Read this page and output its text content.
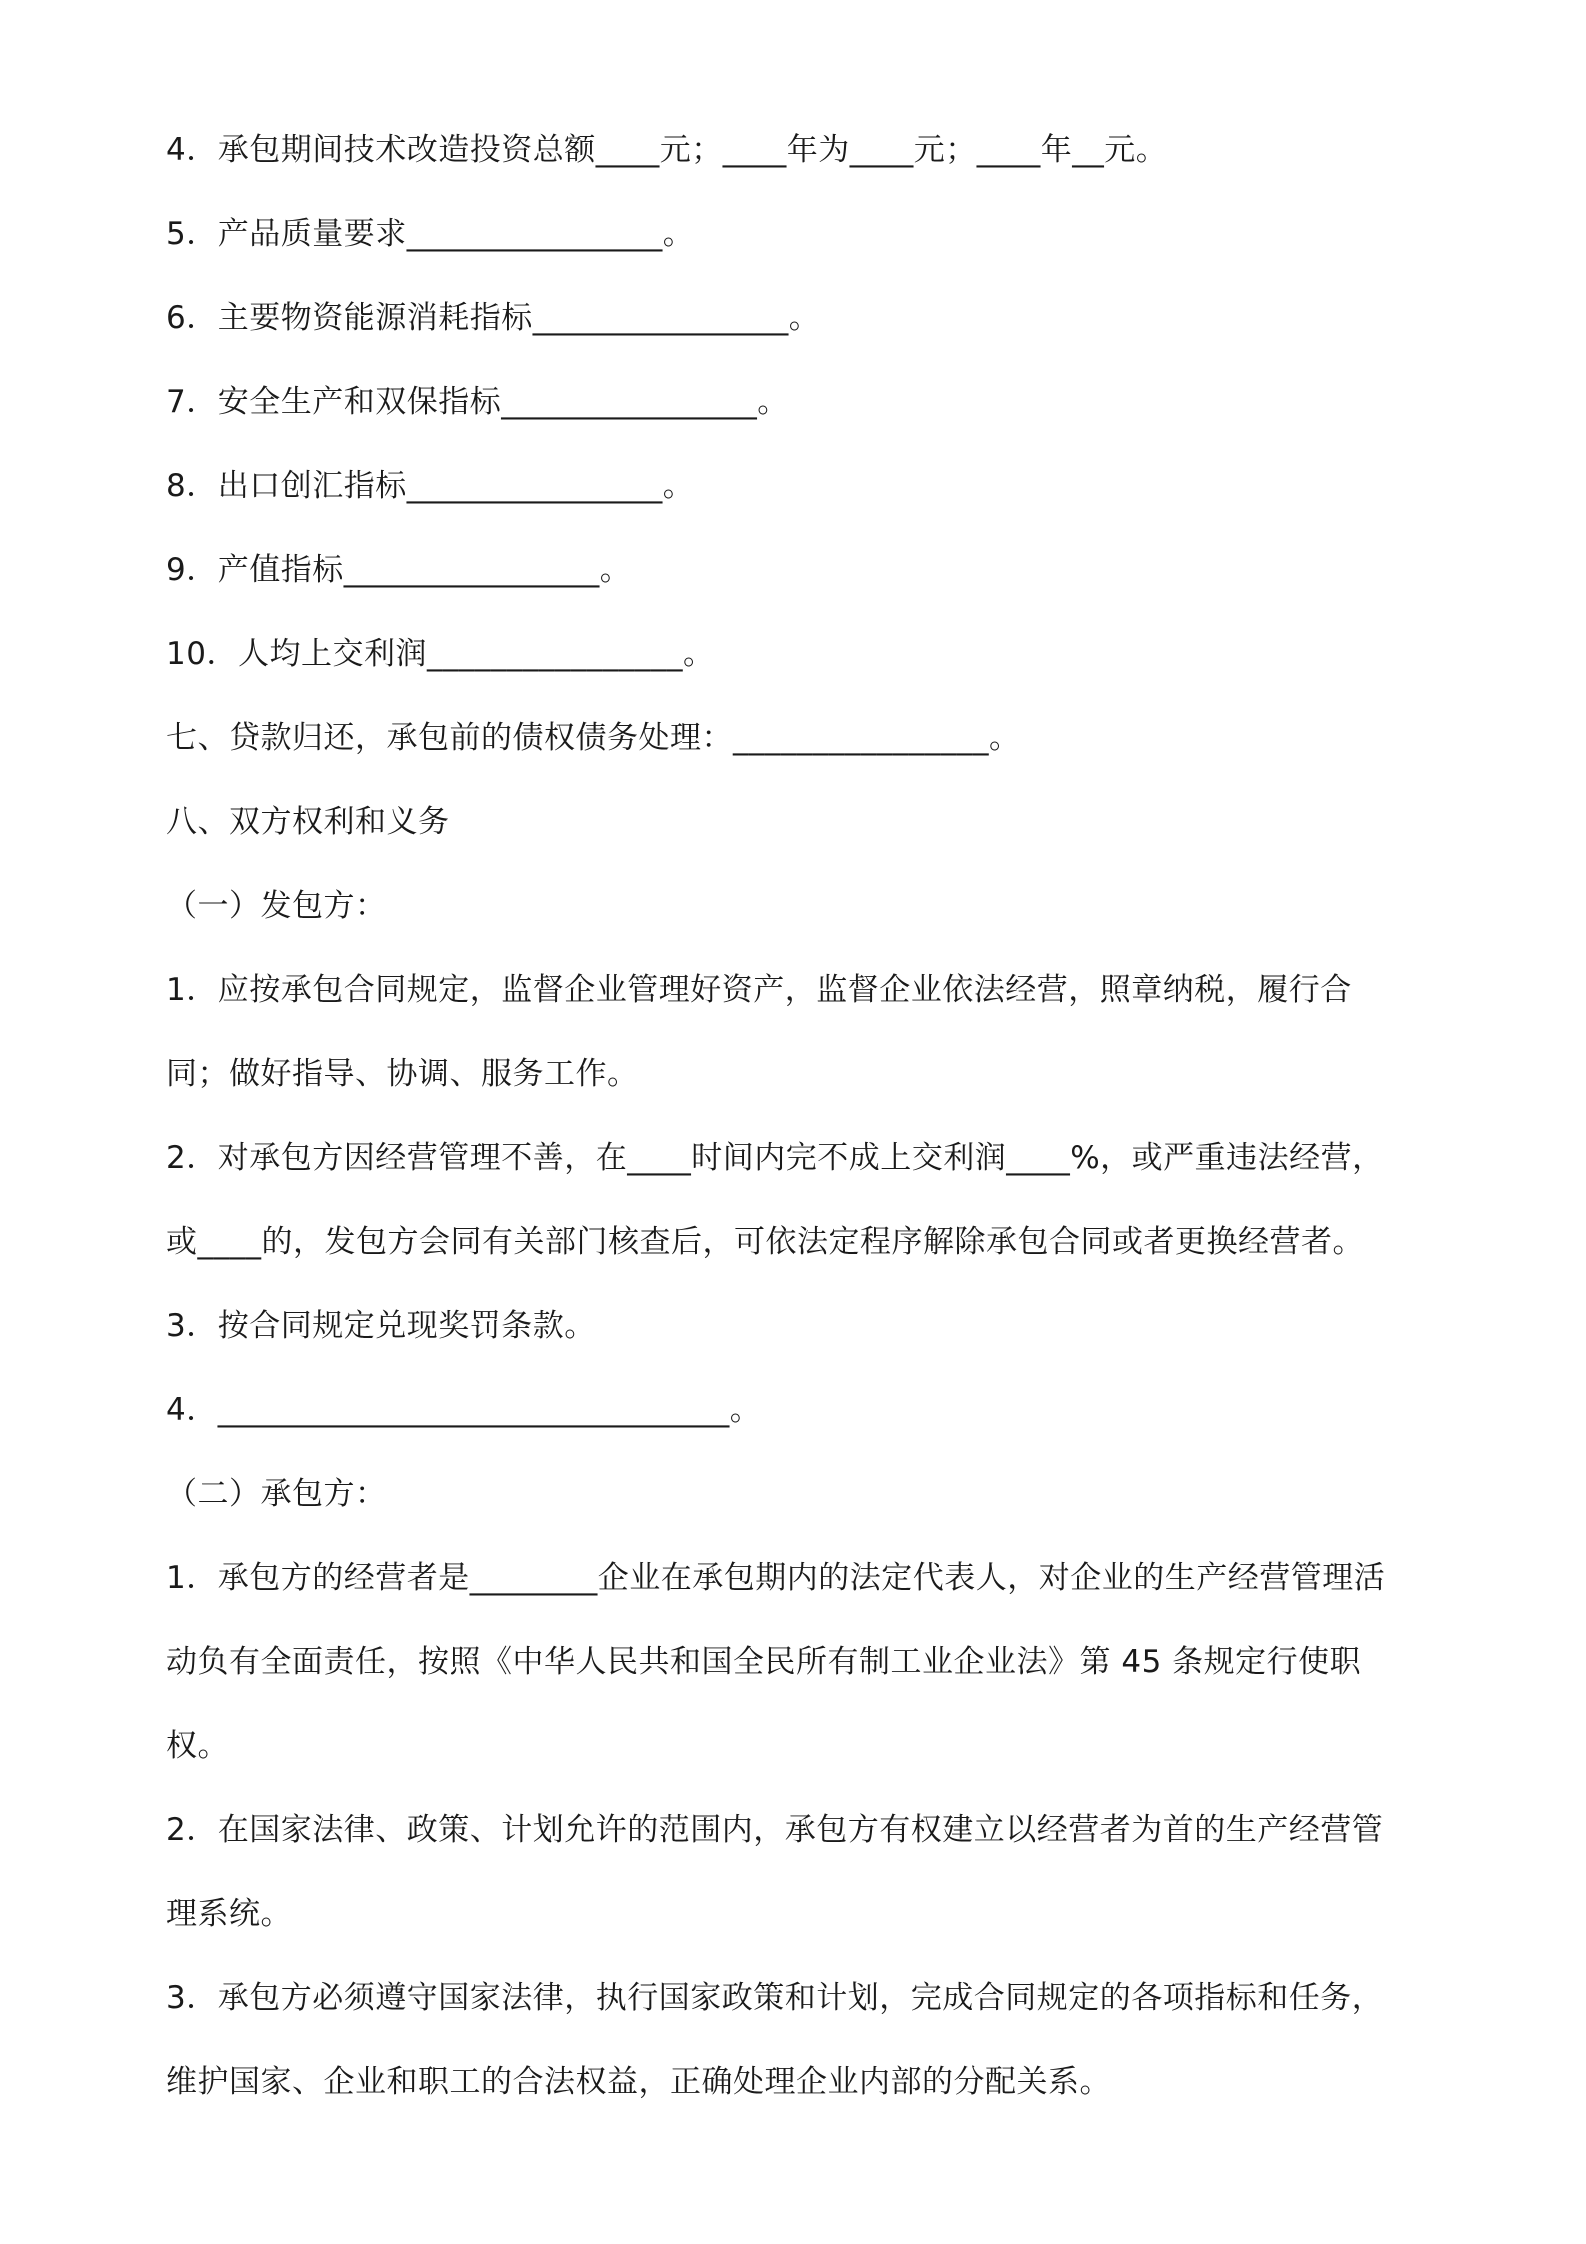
4．承包期间技术改造投资总额____元；____年为____元；____年__元。
5．产品质量要求________________。
6．主要物资能源消耗指标________________。
7．安全生产和双保指标________________。
8．出口创汇指标________________。
9．产值指标________________。
10．人均上交利润________________。
七、贷款归还，承包前的债权债务处理：________________。
八、双方权利和义务
（一）发包方：
1．应按承包合同规定，监督企业管理好资产，监督企业依法经营，照章纳税，履行合
同；做好指导、协调、服务工作。
2．对承包方因经营管理不善，在____时间内完不成上交利润____%，或严重违法经营，
或____的，发包方会同有关部门核查后，可依法定程序解除承包合同或者更换经营者。
3．按合同规定兑现奖罚条款。
4．________________________________。
（二）承包方：
1．承包方的经营者是________企业在承包期内的法定代表人，对企业的生产经营管理活
动负有全面责任，按照《中华人民共和国全民所有制工业企业法》第 45 条规定行使职
权。
2．在国家法律、政策、计划允许的范围内，承包方有权建立以经营者为首的生产经营管
理系统。
3．承包方必须遵守国家法律，执行国家政策和计划，完成合同规定的各项指标和任务，
维护国家、企业和职工的合法权益，正确处理企业内部的分配关系。
